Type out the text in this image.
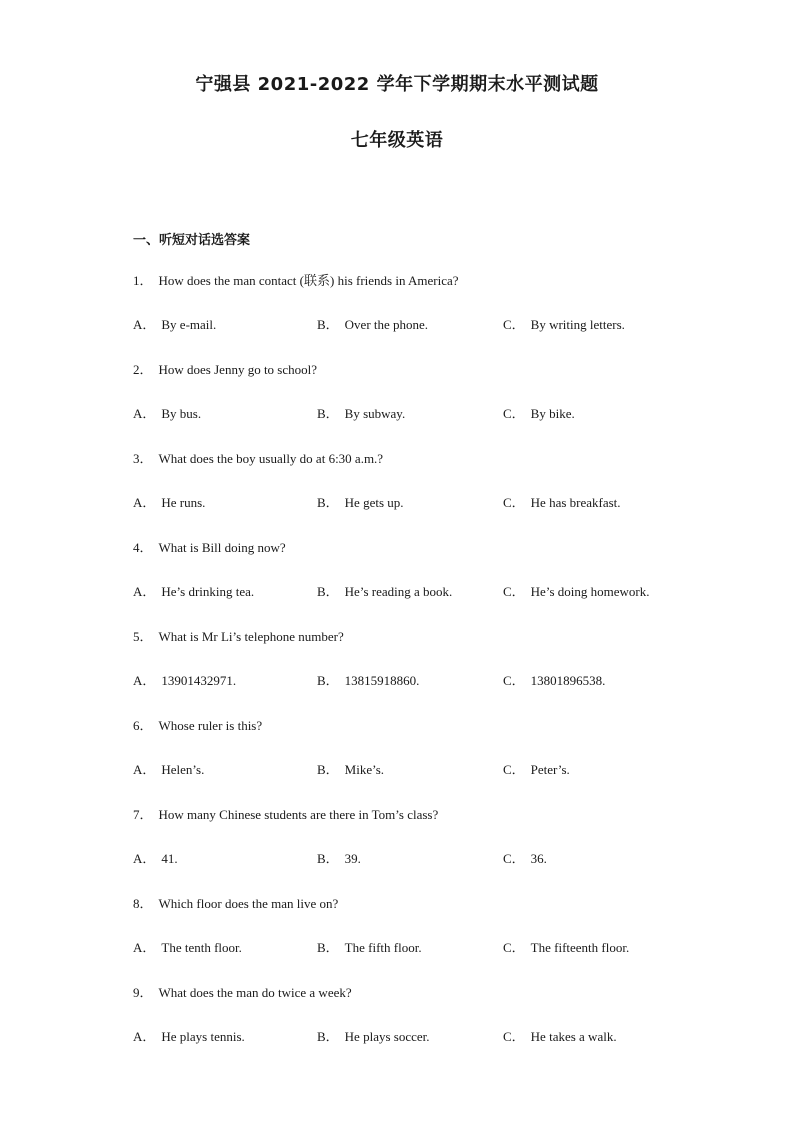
宁强县 2021-2022 学年下学期期末水平测试题
七年级英语
一、听短对话选答案
1． How does the man contact (联系) his friends in America?
A． By e-mail.	B． Over the phone.	C． By writing letters.
2． How does Jenny go to school?
A． By bus.	B． By subway.	C． By bike.
3． What does the boy usually do at 6:30 a.m.?
A． He runs.	B． He gets up.	C． He has breakfast.
4． What is Bill doing now?
A． He’s drinking tea.	B． He’s reading a book.	C． He’s doing homework.
5． What is Mr Li’s telephone number?
A． 13901432971.	B． 13815918860.	C． 13801896538.
6． Whose ruler is this?
A． Helen’s.	B． Mike’s.	C． Peter’s.
7． How many Chinese students are there in Tom’s class?
A． 41.	B． 39.	C． 36.
8． Which floor does the man live on?
A． The tenth floor.	B． The fifth floor.	C． The fifteenth floor.
9． What does the man do twice a week?
A． He plays tennis.	B． He plays soccer.	C． He takes a walk.
